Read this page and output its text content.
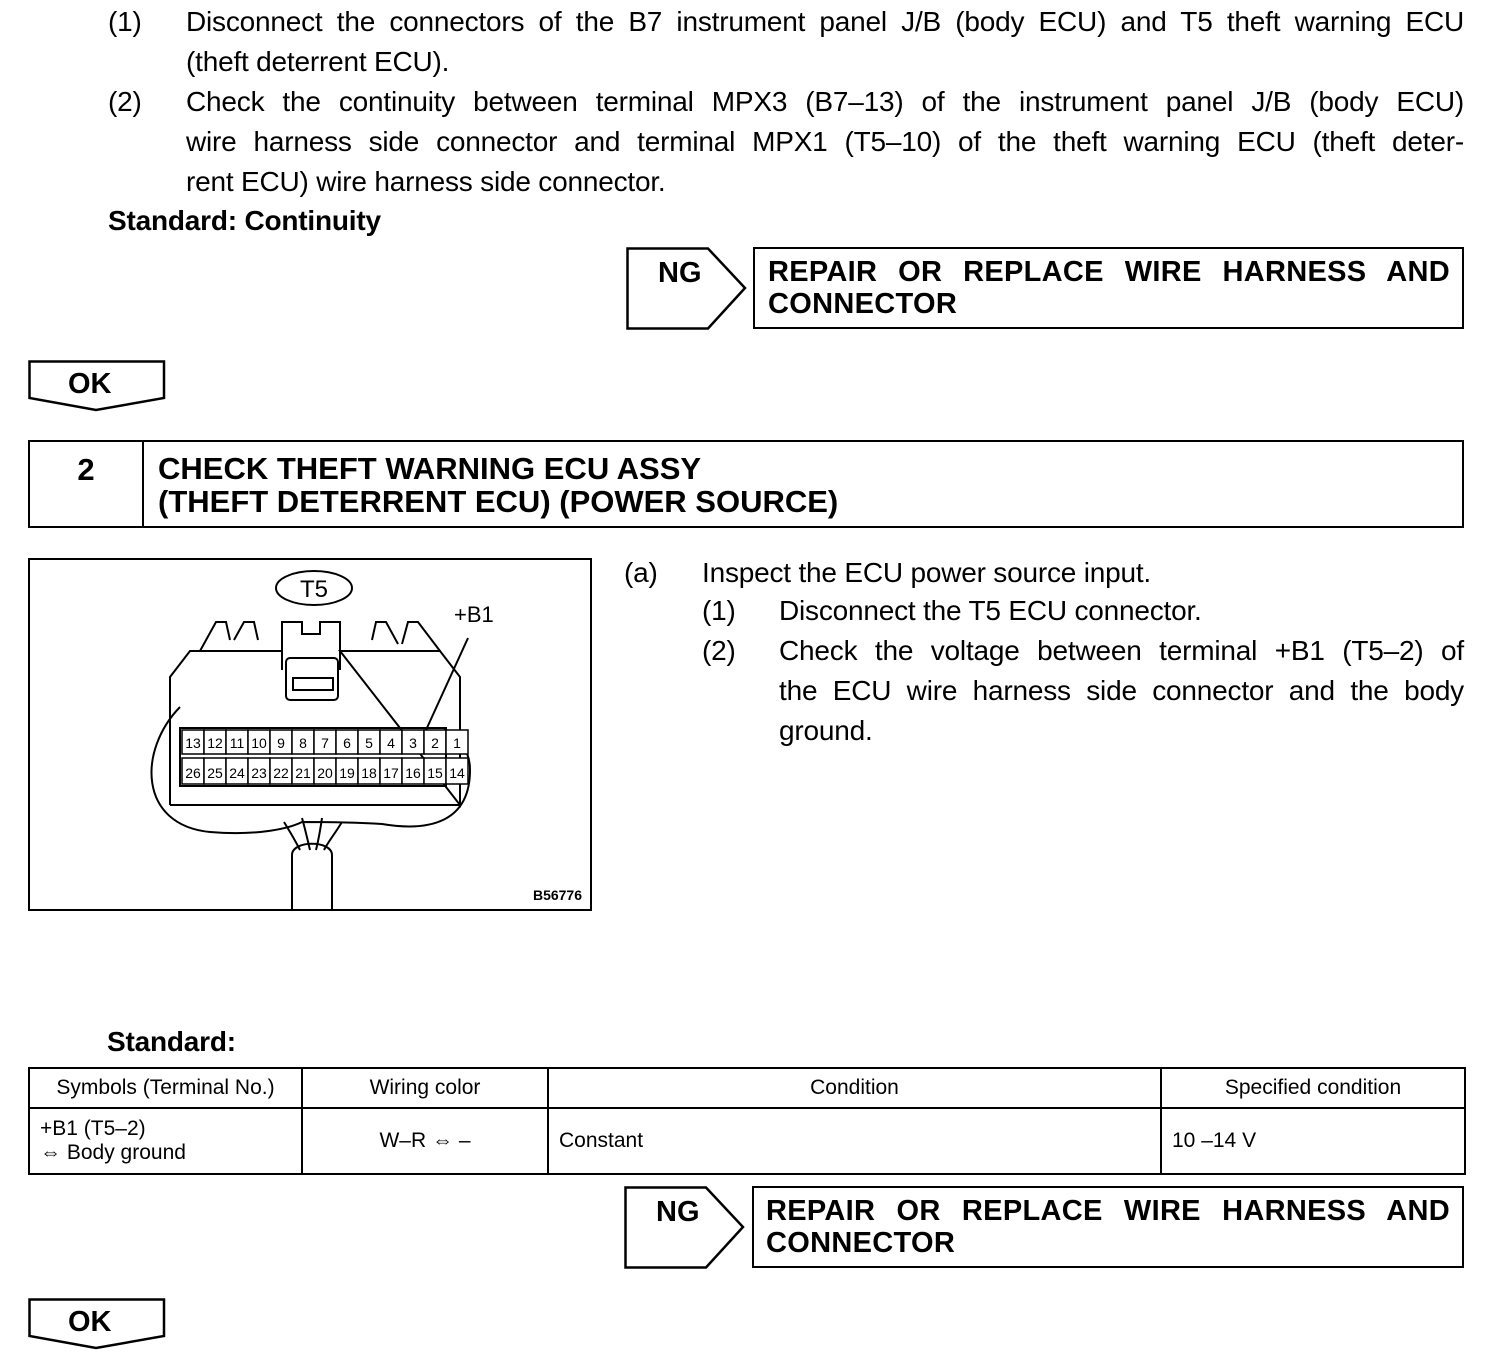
(1) Disconnect the connectors of the B7 instrument panel J/B (body ECU) and T5 theft warning ECU
(theft deterrent ECU).
(2) Check the continuity between terminal MPX3 (B7–13) of the instrument panel J/B (body ECU)
wire harness side connector and terminal MPX1 (T5–10) of the theft warning ECU (theft deter-
rent ECU) wire harness side connector.
Standard: Continuity
NG REPAIR OR REPLACE WIRE HARNESS AND
CONNECTOR
OK
2	CHECK THEFT WARNING ECU ASSY
(THEFT DETERRENT ECU) (POWER SOURCE)
T5
+B1
13 12 11 10 9 8 7 6 5 4 3 2 1
26 25 24 23 22 21 20 19 18 17 16 15 14
B56776
(a) Inspect the ECU power source input.
(1) Disconnect the T5 ECU connector.
(2) Check the voltage between terminal +B1 (T5–2) of
the ECU wire harness side connector and the body
ground.
Standard:
Symbols (Terminal No.)	Wiring color	Condition	Specified condition

+B1 (T5–2)
⇔ Body ground	W–R ⇔ –	Constant	10 –14 V
NG REPAIR OR REPLACE WIRE HARNESS AND
CONNECTOR
OK
